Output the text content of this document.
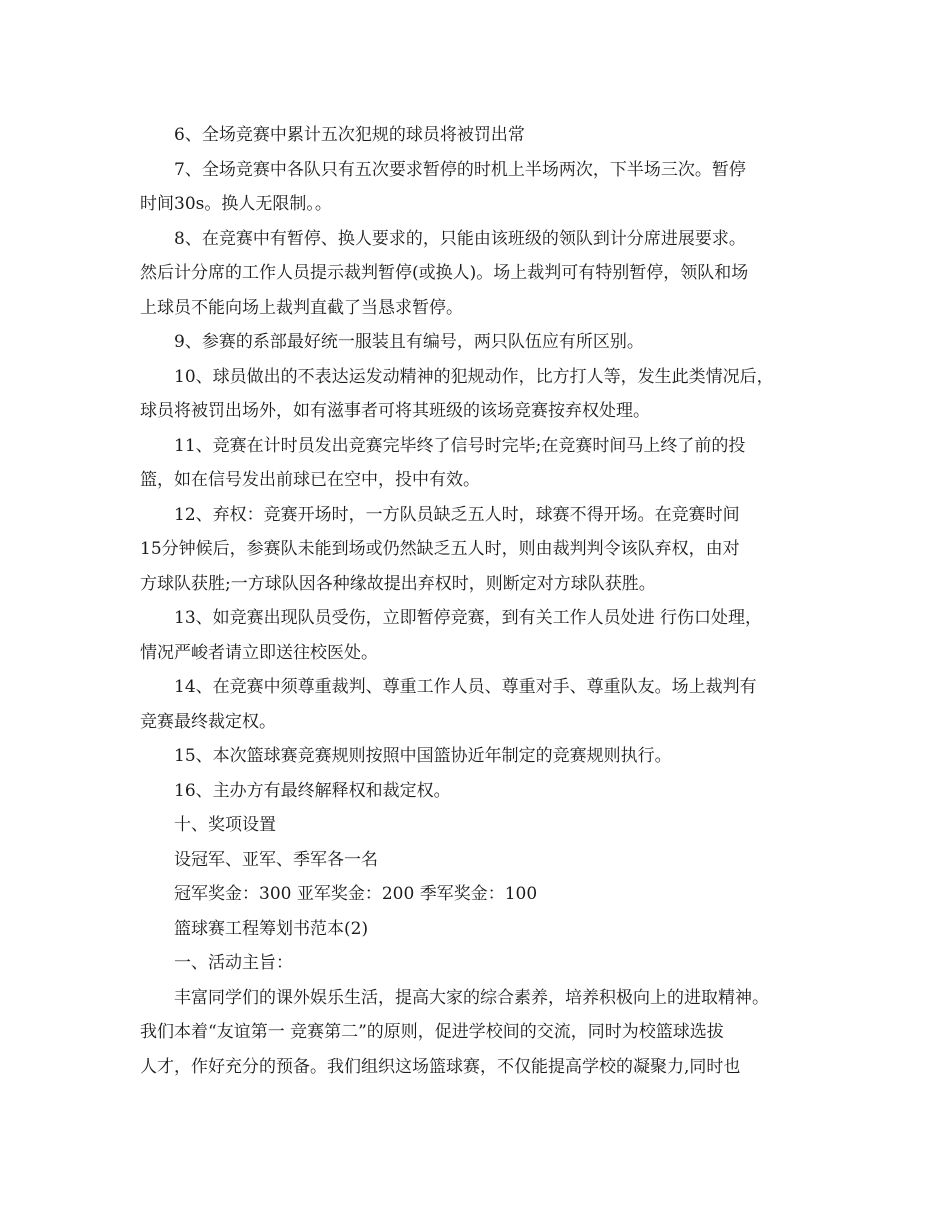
6、全场竞赛中累计五次犯规的球员将被罚出常
7、全场竞赛中各队只有五次要求暂停的时机上半场两次，下半场三次。暂停
时间30s。换人无限制。。
8、在竞赛中有暂停、换人要求的，只能由该班级的领队到计分席进展要求。
然后计分席的工作人员提示裁判暂停(或换人)。场上裁判可有特别暂停，领队和场
上球员不能向场上裁判直截了当恳求暂停。
9、参赛的系部最好统一服装且有编号，两只队伍应有所区别。
10、球员做出的不表达运发动精神的犯规动作，比方打人等，发生此类情况后，
球员将被罚出场外，如有滋事者可将其班级的该场竞赛按弃权处理。
11、竞赛在计时员发出竞赛完毕终了信号时完毕;在竞赛时间马上终了前的投
篮，如在信号发出前球已在空中，投中有效。
12、弃权：竞赛开场时，一方队员缺乏五人时，球赛不得开场。在竞赛时间
15分钟候后，参赛队未能到场或仍然缺乏五人时，则由裁判判令该队弃权，由对
方球队获胜;一方球队因各种缘故提出弃权时，则断定对方球队获胜。
13、如竞赛出现队员受伤，立即暂停竞赛，到有关工作人员处进 行伤口处理，
情况严峻者请立即送往校医处。
14、在竞赛中须尊重裁判、尊重工作人员、尊重对手、尊重队友。场上裁判有
竞赛最终裁定权。
15、本次篮球赛竞赛规则按照中国篮协近年制定的竞赛规则执行。
16、主办方有最终解释权和裁定权。
十、奖项设置
设冠军、亚军、季军各一名
冠军奖金：300 亚军奖金：200 季军奖金：100
篮球赛工程筹划书范本(2)
一、活动主旨：
丰富同学们的课外娱乐生活，提高大家的综合素养，培养积极向上的进取精神。
我们本着“友谊第一 竞赛第二”的原则，促进学校间的交流，同时为校篮球选拔
人才，作好充分的预备。我们组织这场篮球赛，不仅能提高学校的凝聚力,同时也
